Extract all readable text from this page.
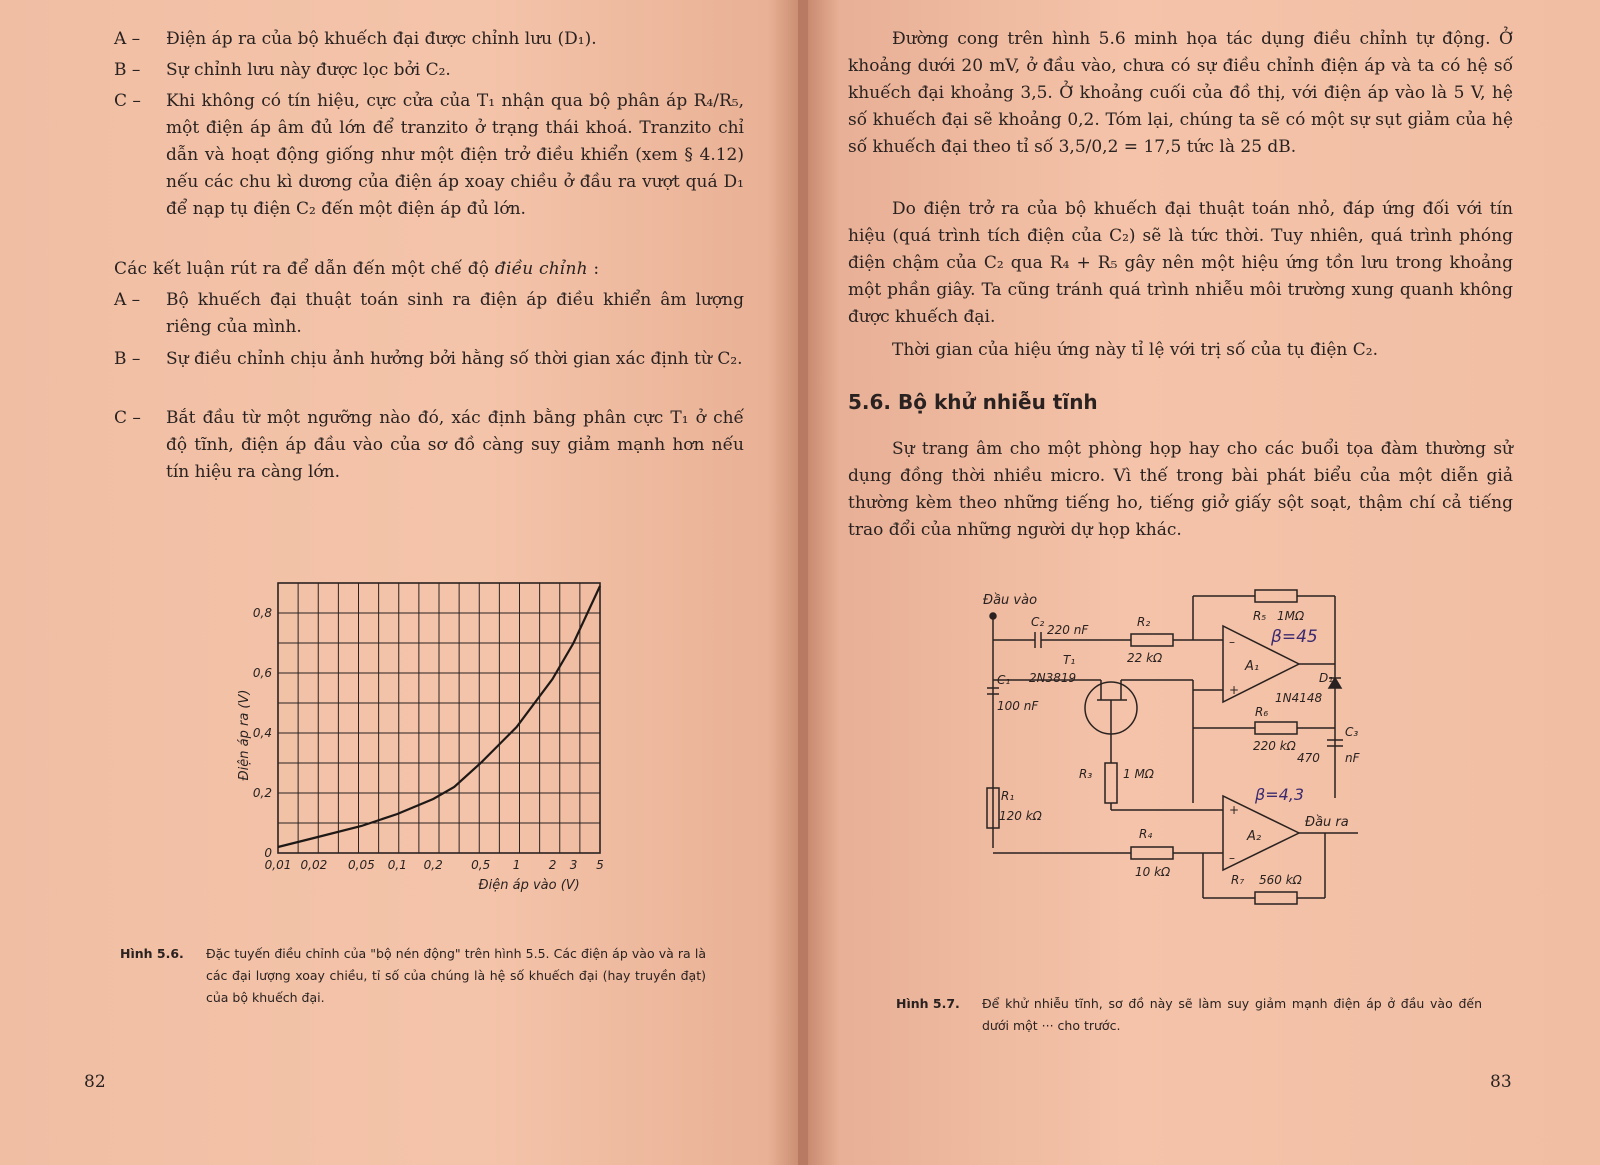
A – Điện áp ra của bộ khuếch đại được chỉnh lưu (D₁).
B – Sự chỉnh lưu này được lọc bởi C₂.
C – Khi không có tín hiệu, cực cửa của T₁ nhận qua bộ phân áp R₄/R₅, một điện áp âm đủ lớn để tranzito ở trạng thái khoá. Tranzito chỉ dẫn và hoạt động giống như một điện trở điều khiển (xem § 4.12) nếu các chu kì dương của điện áp xoay chiều ở đầu ra vượt quá D₁ để nạp tụ điện C₂ đến một điện áp đủ lớn.
Các kết luận rút ra để dẫn đến một chế độ điều chỉnh :
A – Bộ khuếch đại thuật toán sinh ra điện áp điều khiển âm lượng riêng của mình.
B – Sự điều chỉnh chịu ảnh hưởng bởi hằng số thời gian xác định từ C₂.
C – Bắt đầu từ một ngưỡng nào đó, xác định bằng phân cực T₁ ở chế độ tĩnh, điện áp đầu vào của sơ đồ càng suy giảm mạnh hơn nếu tín hiệu ra càng lớn.
0,01 0,02 0,05 0,1 0,2 0,5 1 2 3 5
0
0,2
0,4
0,6
0,8
Điện áp vào (V)
Điện áp ra (V)
Hình 5.6.	Đặc tuyến điều chỉnh của "bộ nén động" trên hình 5.5. Các điện áp vào và ra là các đại lượng xoay chiều, tỉ số của chúng là hệ số khuếch đại (hay truyền đạt) của bộ khuếch đại.
82
Đường cong trên hình 5.6 minh họa tác dụng điều chỉnh tự động. Ở khoảng dưới 20 mV, ở đầu vào, chưa có sự điều chỉnh điện áp và ta có hệ số khuếch đại khoảng 3,5. Ở khoảng cuối của đồ thị, với điện áp vào là 5 V, hệ số khuếch đại sẽ khoảng 0,2. Tóm lại, chúng ta sẽ có một sự sụt giảm của hệ số khuếch đại theo tỉ số 3,5/0,2 = 17,5 tức là 25 dB.
Do điện trở ra của bộ khuếch đại thuật toán nhỏ, đáp ứng đối với tín hiệu (quá trình tích điện của C₂) sẽ là tức thời. Tuy nhiên, quá trình phóng điện chậm của C₂ qua R₄ + R₅ gây nên một hiệu ứng tồn lưu trong khoảng một phần giây. Ta cũng tránh quá trình nhiễu môi trường xung quanh không được khuếch đại.
Thời gian của hiệu ứng này tỉ lệ với trị số của tụ điện C₂.
5.6. Bộ khử nhiễu tĩnh
Sự trang âm cho một phòng họp hay cho các buổi tọa đàm thường sử dụng đồng thời nhiều micro. Vì thế trong bài phát biểu của một diễn giả thường kèm theo những tiếng ho, tiếng giở giấy sột soạt, thậm chí cả tiếng trao đổi của những người dự họp khác.
Đầu vào
C₂
220 nF
R₂
22 kΩ
R₅ 1MΩ
β=45
–
+
A₁
D₁
1N4148
T₁
2N3819
R₆
220 kΩ
C₃
470 nF
R₃	1 MΩ
C₁
100 nF
R₁
120 kΩ
R₄
10 kΩ
+
–
A₂
β=4,3
Đầu ra
R₇ 560 kΩ
Hình 5.7.	Để khử nhiễu tĩnh, sơ đồ này sẽ làm suy giảm mạnh điện áp ở đầu vào đến dưới một ··· cho trước.
83
